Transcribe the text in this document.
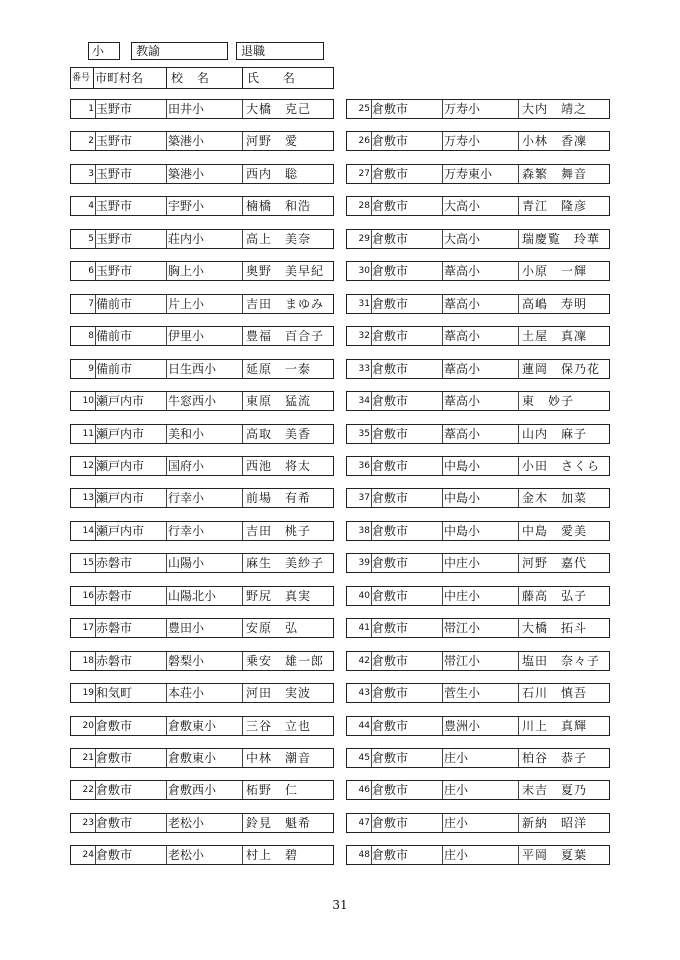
小	教諭	退職
番号 市町村名 校 名	氏 名
1 玉野市	田井小	大橋　克己
2 玉野市	築港小	河野　愛
3 玉野市	築港小	西内　聡
4 玉野市	宇野小	楠橋　和浩
5 玉野市	荘内小	高上　美奈
6 玉野市	胸上小	奥野　美早紀
7 備前市	片上小	吉田　まゆみ
8 備前市	伊里小	豊福　百合子
9 備前市	日生西小	延原　一泰
10 瀬戸内市	牛窓西小	東原　猛流
11 瀬戸内市	美和小	高取　美香
12 瀬戸内市	国府小	西池　将太
13 瀬戸内市	行幸小	前場　有希
14 瀬戸内市	行幸小	吉田　桃子
15 赤磐市	山陽小	麻生　美紗子
16 赤磐市	山陽北小	野尻　真実
17 赤磐市	豊田小	安原　弘
18 赤磐市	磐梨小	乗安　雄一郎
19 和気町	本荘小	河田　実波
20 倉敷市	倉敷東小	三谷　立也
21 倉敷市	倉敷東小	中林　潮音
22 倉敷市	倉敷西小	柘野　仁
23 倉敷市	老松小	鈴見　魁希
24 倉敷市	老松小	村上　碧
25 倉敷市	万寿小	大内　靖之
26 倉敷市	万寿小	小林　香凜
27 倉敷市	万寿東小	森繁　舞音
28 倉敷市	大高小	青江　隆彦
29 倉敷市	大高小	瑞慶覧　玲華
30 倉敷市	葦高小	小原　一輝
31 倉敷市	葦高小	高嶋　寿明
32 倉敷市	葦高小	土屋　真凜
33 倉敷市	葦高小	蓮岡　保乃花
34 倉敷市	葦高小	東　妙子
35 倉敷市	葦高小	山内　麻子
36 倉敷市	中島小	小田　さくら
37 倉敷市	中島小	金木　加菜
38 倉敷市	中島小	中島　愛美
39 倉敷市	中庄小	河野　嘉代
40 倉敷市	中庄小	藤高　弘子
41 倉敷市	帯江小	大橋　拓斗
42 倉敷市	帯江小	塩田　奈々子
43 倉敷市	菅生小	石川　慎吾
44 倉敷市	豊洲小	川上　真輝
45 倉敷市	庄小	柏谷　恭子
46 倉敷市	庄小	末吉　夏乃
47 倉敷市	庄小	新納　昭洋
48 倉敷市	庄小	平岡　夏葉
31
